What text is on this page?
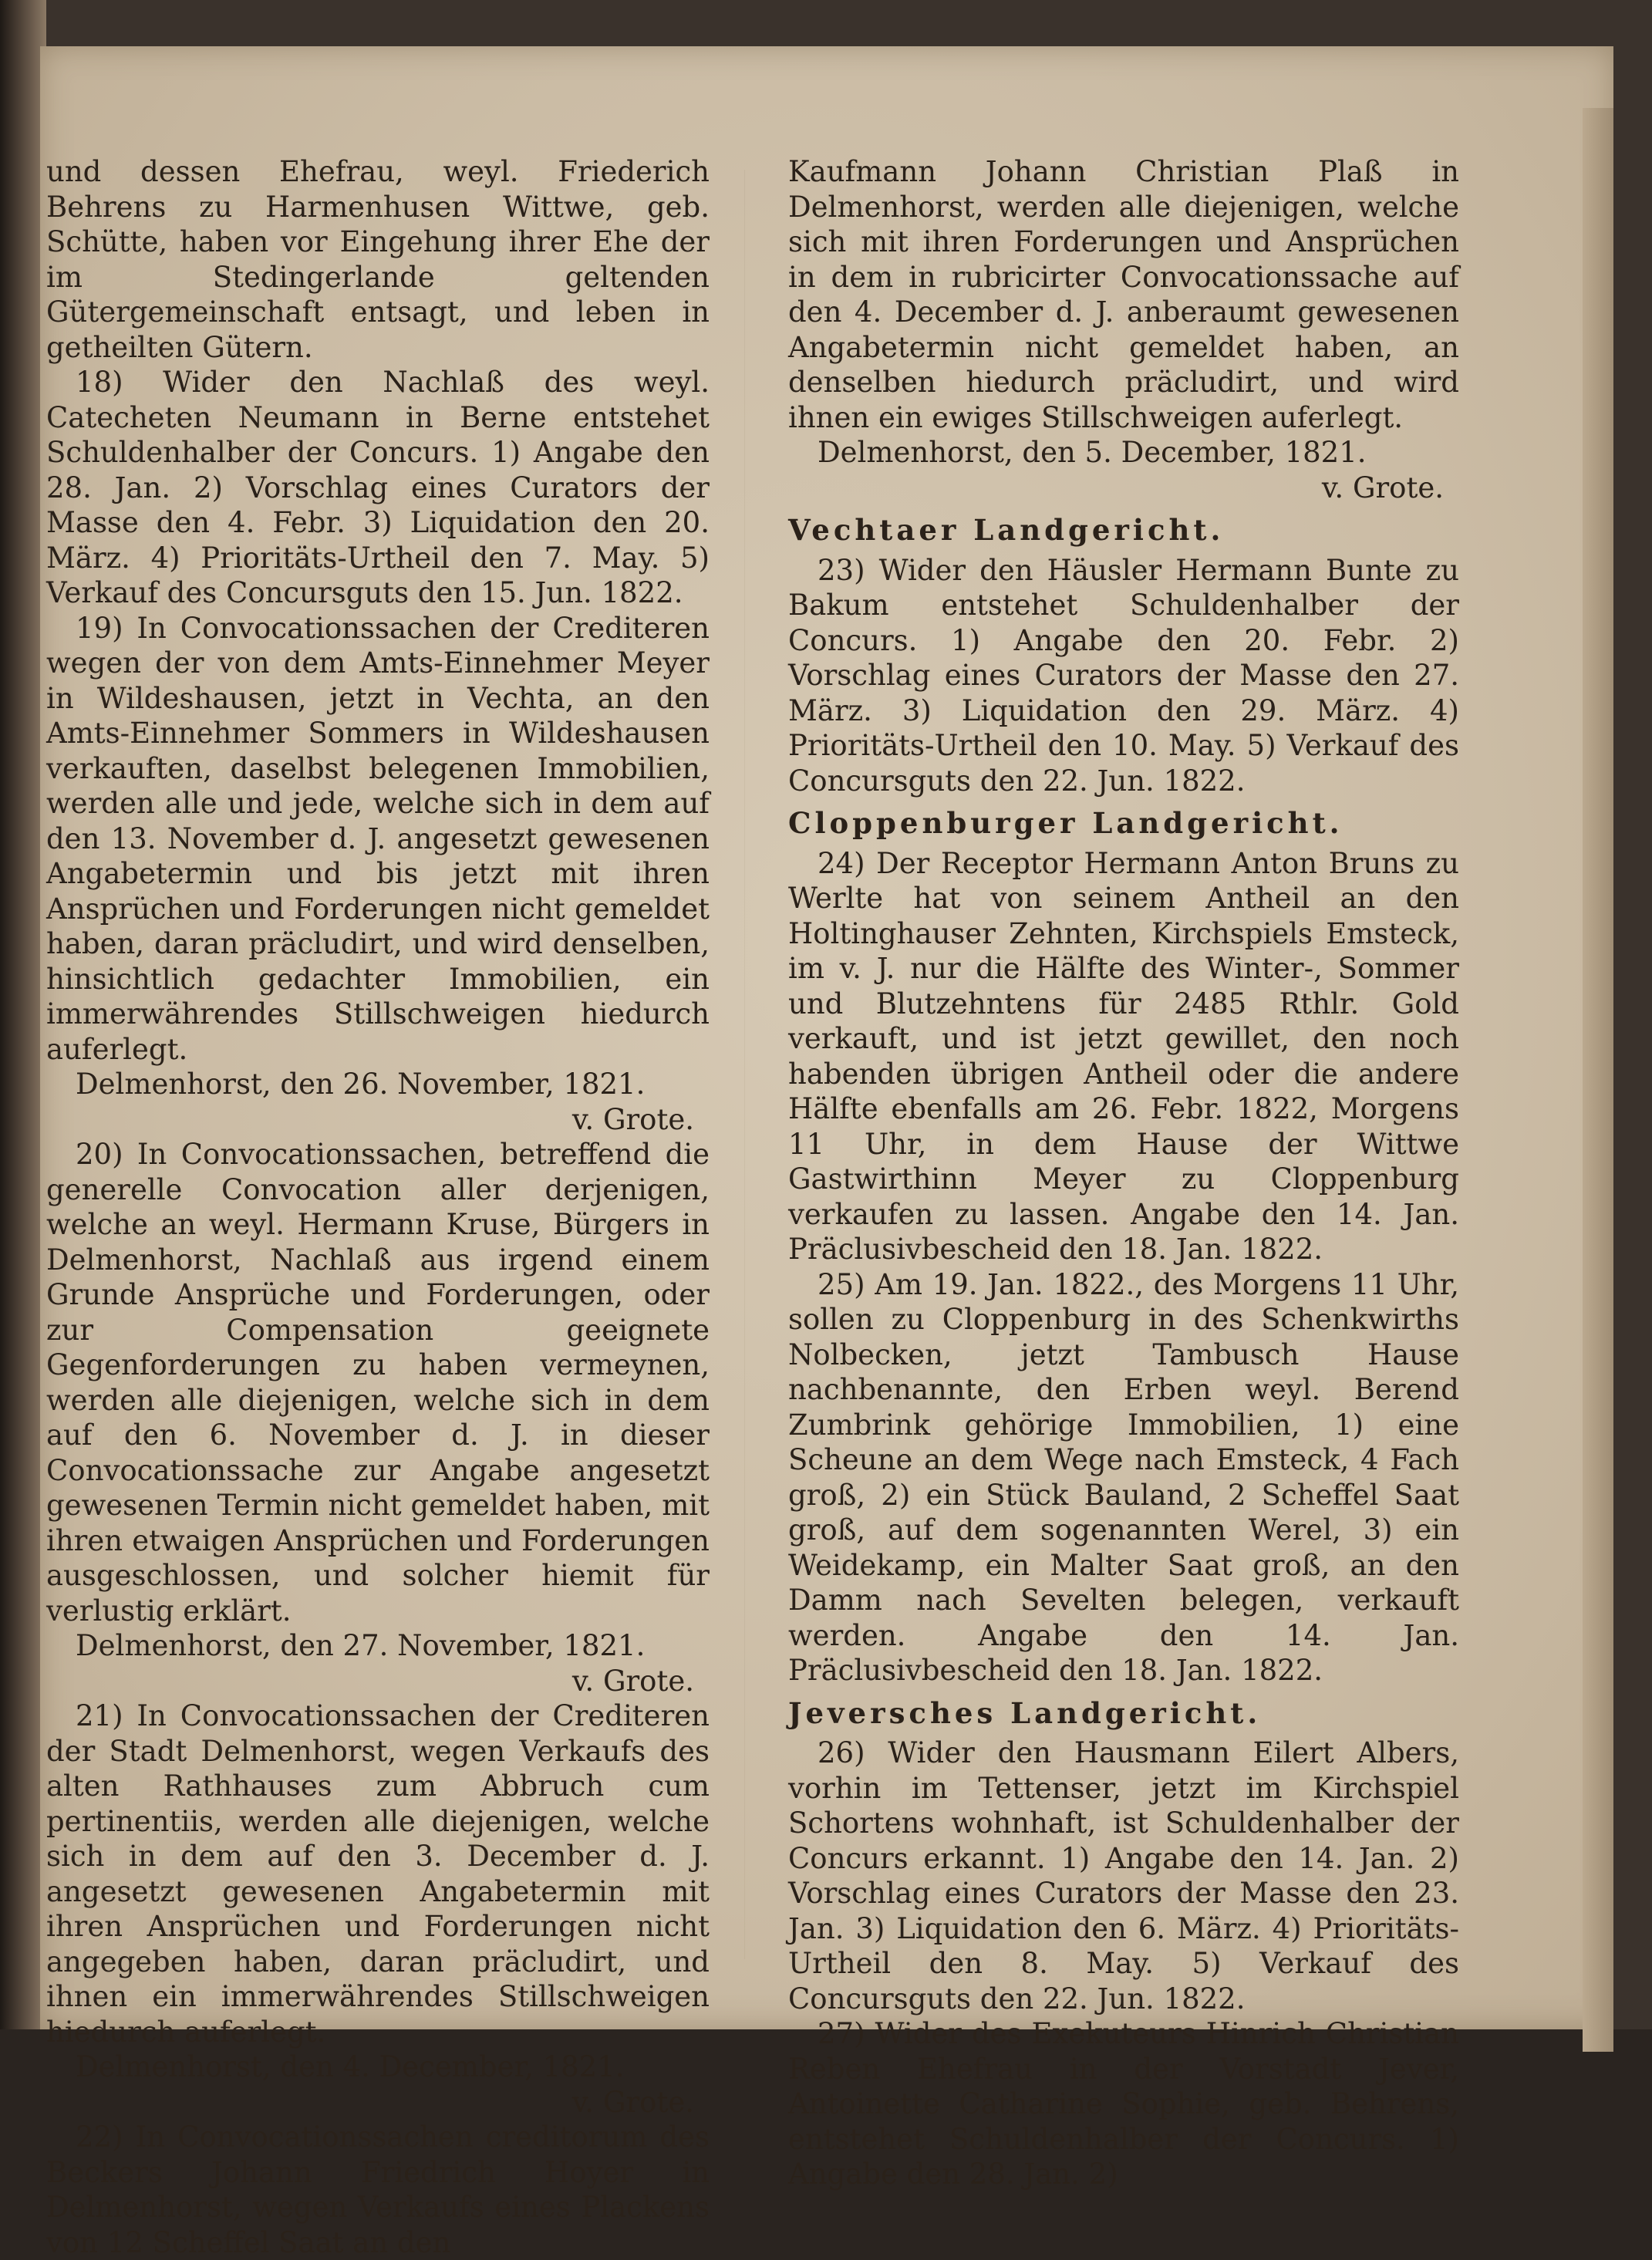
und dessen Ehefrau, weyl. Friederich Behrens zu Harmenhusen Wittwe, geb. Schütte, haben vor Eingehung ihrer Ehe der im Stedingerlande geltenden Gütergemeinschaft entsagt, und leben in getheilten Gütern.

18) Wider den Nachlaß des weyl. Catecheten Neumann in Berne entstehet Schuldenhalber der Concurs. 1) Angabe den 28. Jan. 2) Vorschlag eines Curators der Masse den 4. Febr. 3) Liquidation den 20. März. 4) Prioritäts-Urtheil den 7. May. 5) Verkauf des Concursguts den 15. Jun. 1822.

19) In Convocationssachen der Crediteren wegen der von dem Amts-Einnehmer Meyer in Wildeshausen, jetzt in Vechta, an den Amts-Einnehmer Sommers in Wildeshausen verkauften, daselbst belegenen Immobilien, werden alle und jede, welche sich in dem auf den 13. November d. J. angesetzt gewesenen Angabetermin und bis jetzt mit ihren Ansprüchen und Forderungen nicht gemeldet haben, daran präcludirt, und wird denselben, hinsichtlich gedachter Immobilien, ein immerwährendes Stillschweigen hiedurch auferlegt.

Delmenhorst, den 26. November, 1821.

v. Grote.

20) In Convocationssachen, betreffend die generelle Convocation aller derjenigen, welche an weyl. Hermann Kruse, Bürgers in Delmenhorst, Nachlaß aus irgend einem Grunde Ansprüche und Forderungen, oder zur Compensation geeignete Gegenforderungen zu haben vermeynen, werden alle diejenigen, welche sich in dem auf den 6. November d. J. in dieser Convocationssache zur Angabe angesetzt gewesenen Termin nicht gemeldet haben, mit ihren etwaigen Ansprüchen und Forderungen ausgeschlossen, und solcher hiemit für verlustig erklärt.

Delmenhorst, den 27. November, 1821.

v. Grote.

21) In Convocationssachen der Crediteren der Stadt Delmenhorst, wegen Verkaufs des alten Rathhauses zum Abbruch cum pertinentiis, werden alle diejenigen, welche sich in dem auf den 3. December d. J. angesetzt gewesenen Angabetermin mit ihren Ansprüchen und Forderungen nicht angegeben haben, daran präcludirt, und ihnen ein immerwährendes Stillschweigen hiedurch auferlegt.

Delmenhorst, den 4. December, 1821.

v. Grote.

22) In Convocationssachen creditorum des Beckers Johann Friedrich Hoyer in Delmenhorst, wegen Verkaufs eines Plackens von 12 Scheffel Saat an den

Kaufmann Johann Christian Plaß in Delmenhorst, werden alle diejenigen, welche sich mit ihren Forderungen und Ansprüchen in dem in rubricirter Convocationssache auf den 4. December d. J. anberaumt gewesenen Angabetermin nicht gemeldet haben, an denselben hiedurch präcludirt, und wird ihnen ein ewiges Stillschweigen auferlegt.

Delmenhorst, den 5. December, 1821.

v. Grote.

Vechtaer Landgericht.

23) Wider den Häusler Hermann Bunte zu Bakum entstehet Schuldenhalber der Concurs. 1) Angabe den 20. Febr. 2) Vorschlag eines Curators der Masse den 27. März. 3) Liquidation den 29. März. 4) Prioritäts-Urtheil den 10. May. 5) Verkauf des Concursguts den 22. Jun. 1822.

Cloppenburger Landgericht.

24) Der Receptor Hermann Anton Bruns zu Werlte hat von seinem Antheil an den Holtinghauser Zehnten, Kirchspiels Emsteck, im v. J. nur die Hälfte des Winter-, Sommer und Blutzehntens für 2485 Rthlr. Gold verkauft, und ist jetzt gewillet, den noch habenden übrigen Antheil oder die andere Hälfte ebenfalls am 26. Febr. 1822, Morgens 11 Uhr, in dem Hause der Wittwe Gastwirthinn Meyer zu Cloppenburg verkaufen zu lassen. Angabe den 14. Jan. Präclusivbescheid den 18. Jan. 1822.

25) Am 19. Jan. 1822., des Morgens 11 Uhr, sollen zu Cloppenburg in des Schenkwirths Nolbecken, jetzt Tambusch Hause nachbenannte, den Erben weyl. Berend Zumbrink gehörige Immobilien, 1) eine Scheune an dem Wege nach Emsteck, 4 Fach groß, 2) ein Stück Bauland, 2 Scheffel Saat groß, auf dem sogenannten Werel, 3) ein Weidekamp, ein Malter Saat groß, an den Damm nach Sevelten belegen, verkauft werden. Angabe den 14. Jan. Präclusivbescheid den 18. Jan. 1822.

Jeversches Landgericht.

26) Wider den Hausmann Eilert Albers, vorhin im Tettenser, jetzt im Kirchspiel Schortens wohnhaft, ist Schuldenhalber der Concurs erkannt. 1) Angabe den 14. Jan. 2) Vorschlag eines Curators der Masse den 23. Jan. 3) Liquidation den 6. März. 4) Prioritäts-Urtheil den 8. May. 5) Verkauf des Concursguts den 22. Jun. 1822.

27) Wider des Exekuteurs Hinrich Christian Reben Ehefrau in der Vorstadt Jever, Antoinette Catharine Sophie, geb. Behrens, entstehet Schuldenhalber der Concurs. 1) Angabe den 28. Jan. 2)
